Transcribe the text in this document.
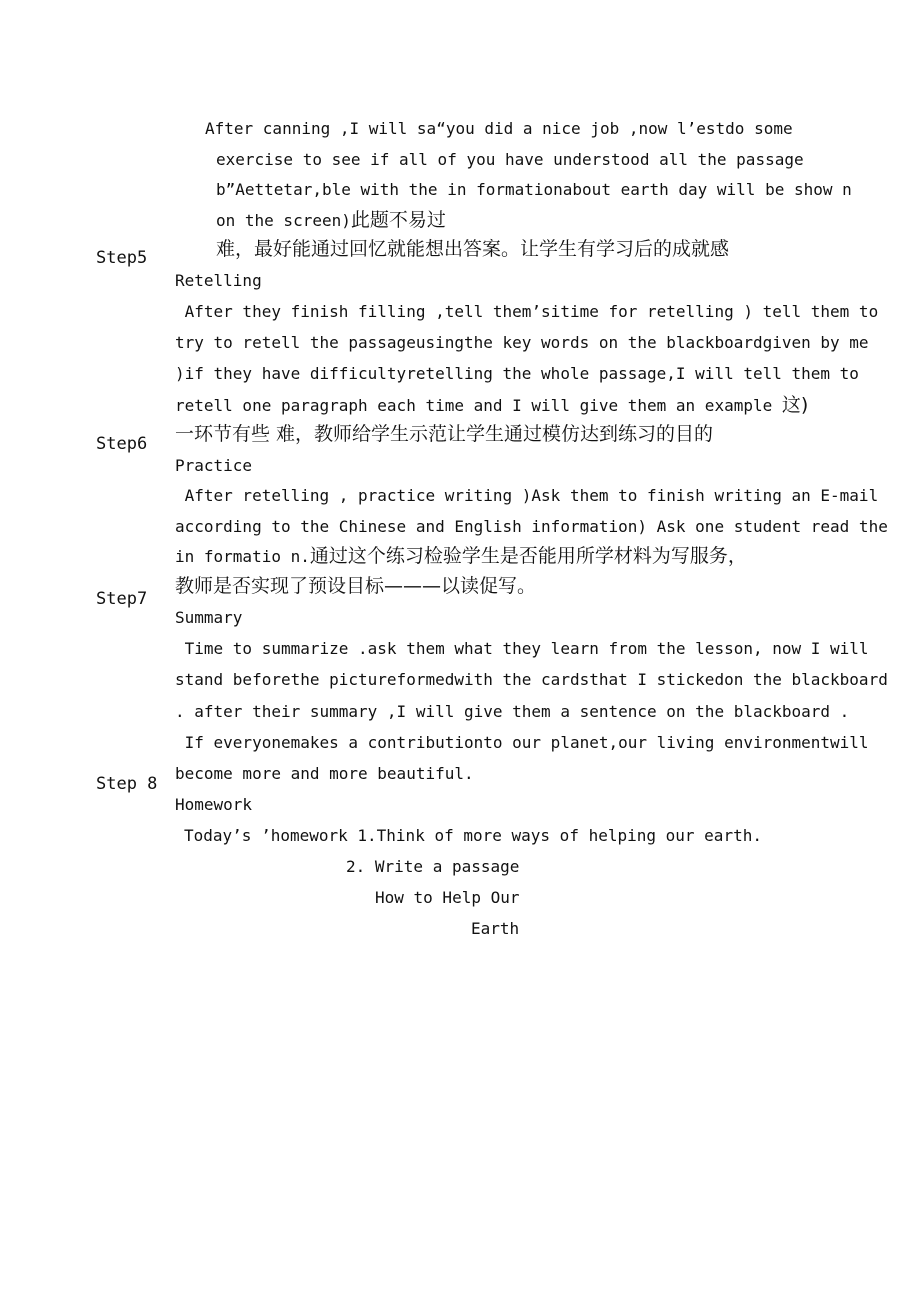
After canning ,I will sa“you did a nice job ,now l’estdo some
exercise to see if all of you have understood all the passage
b”Aettetar,ble with the in formationabout earth day will be show n
on the screen)此题不易过
难，最好能通过回忆就能想出答案。让学生有学习后的成就感
Step5
Step6
Step7
Step 8
Retelling
After they finish filling ,tell them’sitime for retelling ) tell them to
try to retell the passageusingthe key words on the blackboardgiven by me
)if they have difficultyretelling the whole passage,I will tell them to
retell one paragraph each time and I will give them an example 这)
一环节有些 难，教师给学生示范让学生通过模仿达到练习的目的
Practice
After retelling , practice writing )Ask them to finish writing an E-mail
according to the Chinese and English information) Ask one student read the
in formatio n.通过这个练习检验学生是否能用所学材料为写服务，
教师是否实现了预设目标———以读促写。
Summary
Time to summarize .ask them what they learn from the lesson, now I will
stand beforethe pictureformedwith the cardsthat I stickedon the blackboard
. after their summary ,I will give them a sentence on the blackboard .
If everyonemakes a contributionto our planet,our living environmentwill
become more and more beautiful.
Homework
Today’s ’homework 1.Think of more ways of helping our earth.
2. Write a passage
How to Help Our
Earth
